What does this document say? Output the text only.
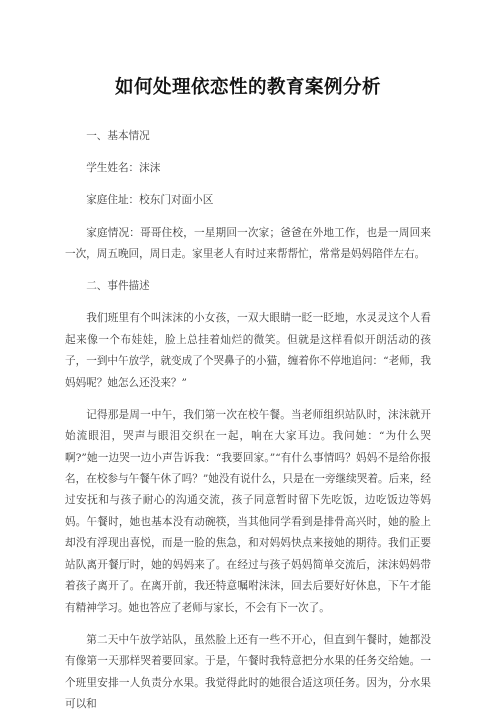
如何处理依恋性的教育案例分析

一、基本情况

学生姓名：沫沫

家庭住址：校东门对面小区

家庭情况：哥哥住校，一星期回一次家；爸爸在外地工作，也是一周回来一次，周五晚回，周日走。家里老人有时过来帮帮忙，常常是妈妈陪伴左右。

二、事件描述

我们班里有个叫沫沫的小女孩，一双大眼睛一眨一眨地，水灵灵这个人看起来像一个布娃娃，脸上总挂着灿烂的微笑。但就是这样看似开朗活动的孩子，一到中午放学，就变成了个哭鼻子的小猫，缠着你不停地追问：“老师，我妈妈呢？她怎么还没来？”

记得那是周一中午，我们第一次在校午餐。当老师组织站队时，沫沫就开始流眼泪，哭声与眼泪交织在一起，响在大家耳边。我问她：“为什么哭啊?”她一边哭一边小声告诉我：“我要回家。”“有什么事情吗？妈妈不是给你报名，在校参与午餐午休了吗？”她没有说什么，只是在一旁继续哭着。后来，经过安抚和与孩子耐心的沟通交流，孩子同意暂时留下先吃饭，边吃饭边等妈妈。午餐时，她也基本没有动碗筷，当其他同学看到是排骨高兴时，她的脸上却没有浮现出喜悦，而是一脸的焦急，和对妈妈快点来接她的期待。我们正要站队离开餐厅时，她的妈妈来了。在经过与孩子妈妈简单交流后，沫沫妈妈带着孩子离开了。在离开前，我还特意嘱咐沫沫，回去后要好好休息，下午才能有精神学习。她也答应了老师与家长，不会有下一次了。

第二天中午放学站队，虽然脸上还有一些不开心，但直到午餐时，她都没有像第一天那样哭着要回家。于是，午餐时我特意把分水果的任务交给她。一个班里安排一人负责分水果。我觉得此时的她很合适这项任务。因为，分水果可以和
